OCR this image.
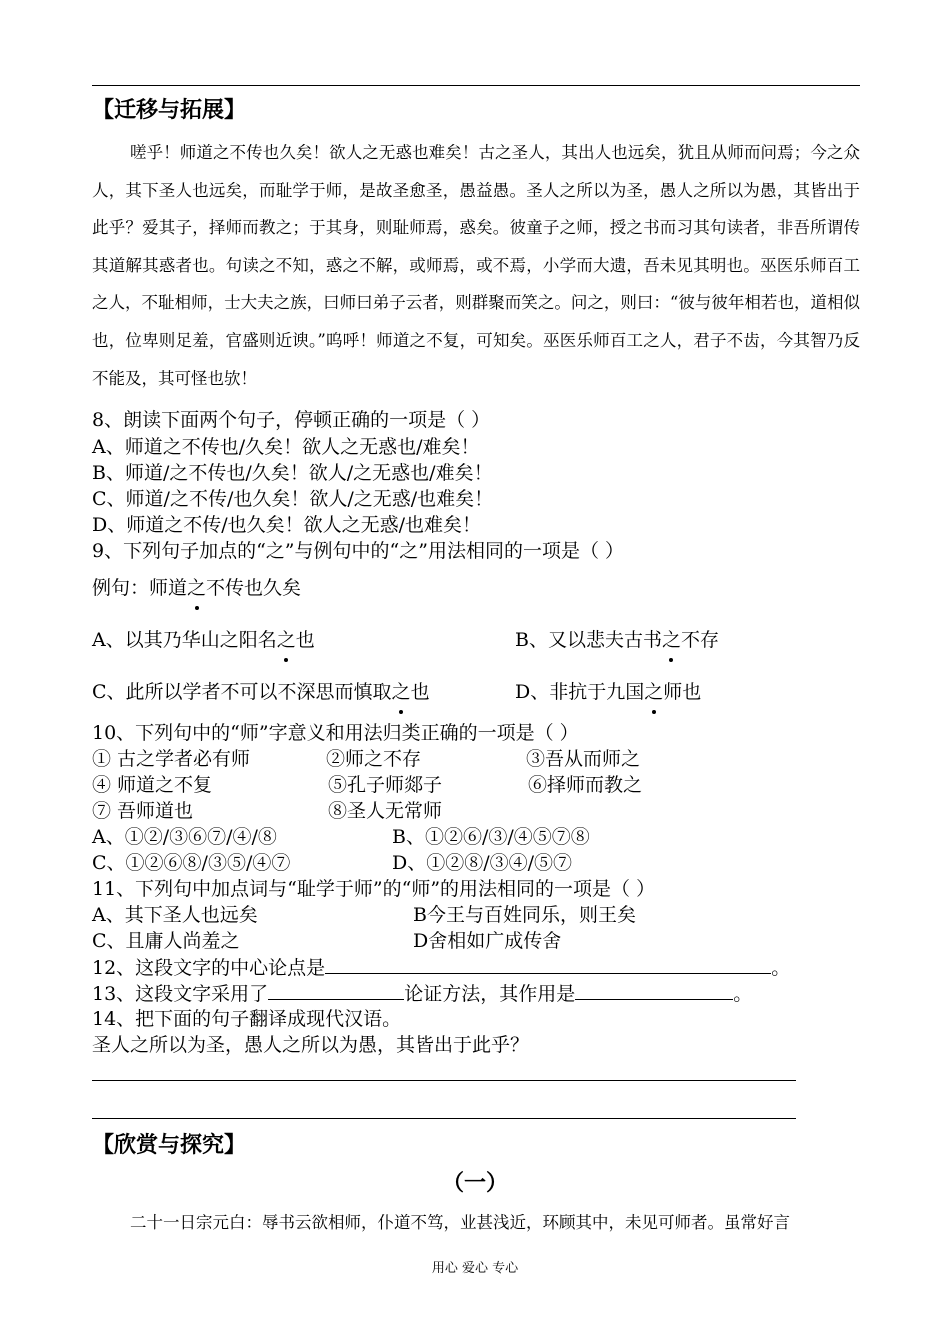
【迁移与拓展】
嗟乎！师道之不传也久矣！欲人之无惑也难矣！古之圣人，其出人也远矣，犹且从师而问焉；今之众人，其下圣人也远矣，而耻学于师，是故圣愈圣，愚益愚。圣人之所以为圣，愚人之所以为愚，其皆出于此乎？爱其子，择师而教之；于其身，则耻师焉，惑矣。彼童子之师，授之书而习其句读者，非吾所谓传其道解其惑者也。句读之不知，惑之不解，或师焉，或不焉，小学而大遗，吾未见其明也。巫医乐师百工之人，不耻相师，士大夫之族，曰师曰弟子云者，则群聚而笑之。问之，则曰：“彼与彼年相若也，道相似也，位卑则足羞，官盛则近谀。”呜呼！师道之不复，可知矣。巫医乐师百工之人，君子不齿，今其智乃反不能及，其可怪也欤！
8、朗读下面两个句子，停顿正确的一项是（ ）
A、师道之不传也/久矣！欲人之无惑也/难矣！
B、师道/之不传也/久矣！欲人/之无惑也/难矣！
C、师道/之不传/也久矣！欲人/之无惑/也难矣！
D、师道之不传/也久矣！欲人之无惑/也难矣！
9、下列句子加点的“之”与例句中的“之”用法相同的一项是（ ）
例句：师道之不传也久矣
A、以其乃华山之阳名之也	B、又以悲夫古书之不存
C、此所以学者不可以不深思而慎取之也	D、非抗于九国之师也
10、下列句中的“师”字意义和用法归类正确的一项是（ ）
① 古之学者必有师	②师之不存	③吾从而师之
④ 师道之不复	⑤孔子师郯子	⑥择师而教之
⑦ 吾师道也	⑧圣人无常师
A、①②/③⑥⑦/④/⑧	B、①②⑥/③/④⑤⑦⑧
C、①②⑥⑧/③⑤/④⑦	D、①②⑧/③④/⑤⑦
11、下列句中加点词与“耻学于师”的“师”的用法相同的一项是（ ）
A、其下圣人也远矣	B今王与百姓同乐，则王矣
C、且庸人尚羞之	D舍相如广成传舍
12、这段文字的中心论点是	。
13、这段文字采用了	论证方法，其作用是	。
14、把下面的句子翻译成现代汉语。
圣人之所以为圣，愚人之所以为愚，其皆出于此乎？
【欣赏与探究】
（一）
二十一日宗元白：辱书云欲相师，仆道不笃，业甚浅近，环顾其中，未见可师者。虽常好言
用心 爱心 专心
